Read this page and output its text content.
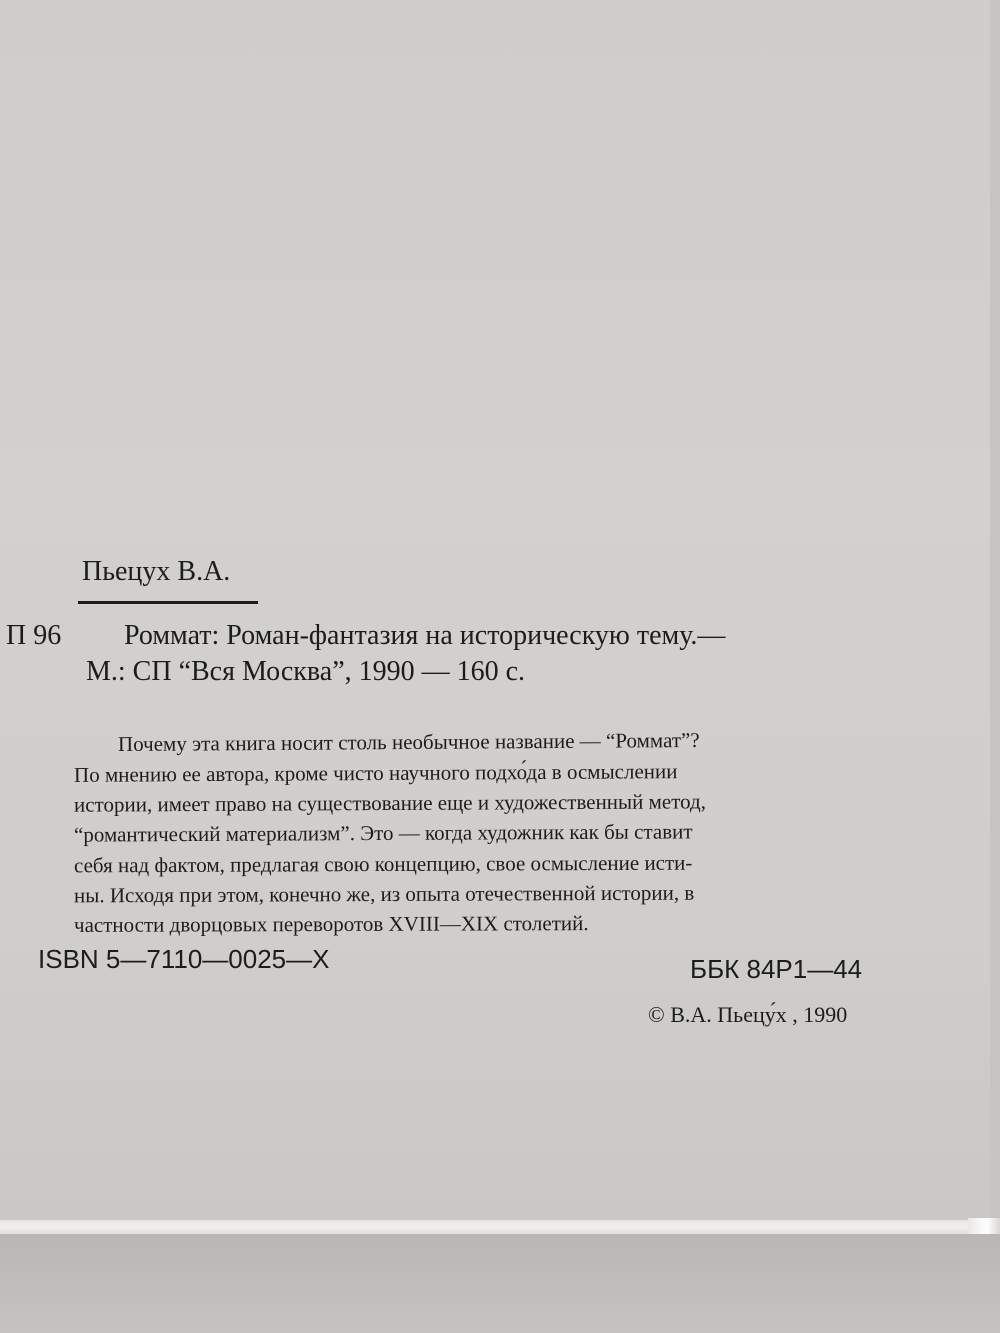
Пьецух В.А.
П 96 Роммат: Роман-фантазия на историческую тему.—
М.: СП “Вся Москва”, 1990 — 160 с.
Почему эта книга носит столь необычное название — “Роммат”?
По мнению ее автора, кроме чисто научного подхо́да в осмыслении
истории, имеет право на существование еще и художественный метод,
“романтический материализм”. Это — когда художник как бы ставит
себя над фактом, предлагая свою концепцию, свое осмысление исти-
ны. Исходя при этом, конечно же, из опыта отечественной истории, в
частности дворцовых переворотов XVIII—XIX столетий.
ISBN 5—7110—0025—X	ББК 84Р1—44
© В.А. Пьецу́х , 1990
